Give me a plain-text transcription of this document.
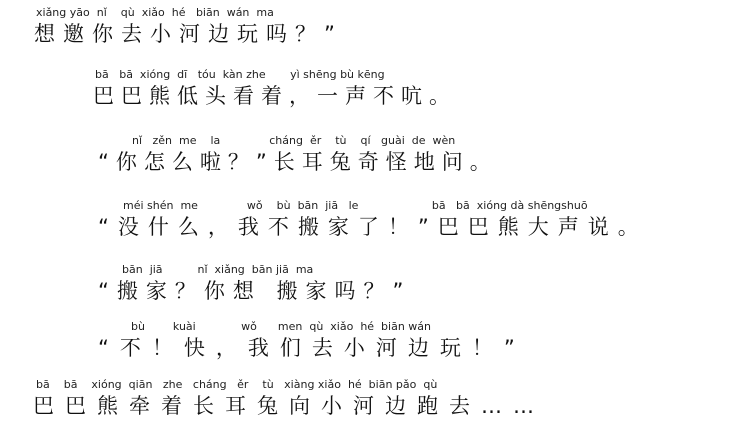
xiǎng yāo  nǐ    qù  xiǎo  hé   biān  wán  ma
想邀你去小河边玩吗？”
bā   bā  xióng  dī   tóu  kàn zhe       yì shēng bù kēng
巴巴熊低头看着，一声不吭。
nǐ   zěn  me    la              cháng  ěr    tù    qí   guài  de  wèn
“你怎么啦？”长耳兔奇怪地问。
méi shén  me              wǒ    bù  bān  jiā   le                     bā   bā  xióng dà shēngshuō
“没什么，我不搬家了！”巴巴熊大声说。
bān  jiā          nǐ  xiǎng  bān jiā  ma
“搬家？你想 搬家吗？”
bù        kuài             wǒ      men  qù  xiǎo  hé  biān wán
“不！快，我们去小河边玩！”
bā    bā    xióng  qiān   zhe   cháng   ěr    tù   xiàng xiǎo  hé  biān pǎo  qù
巴巴熊牵着长耳兔向小河边跑去……
